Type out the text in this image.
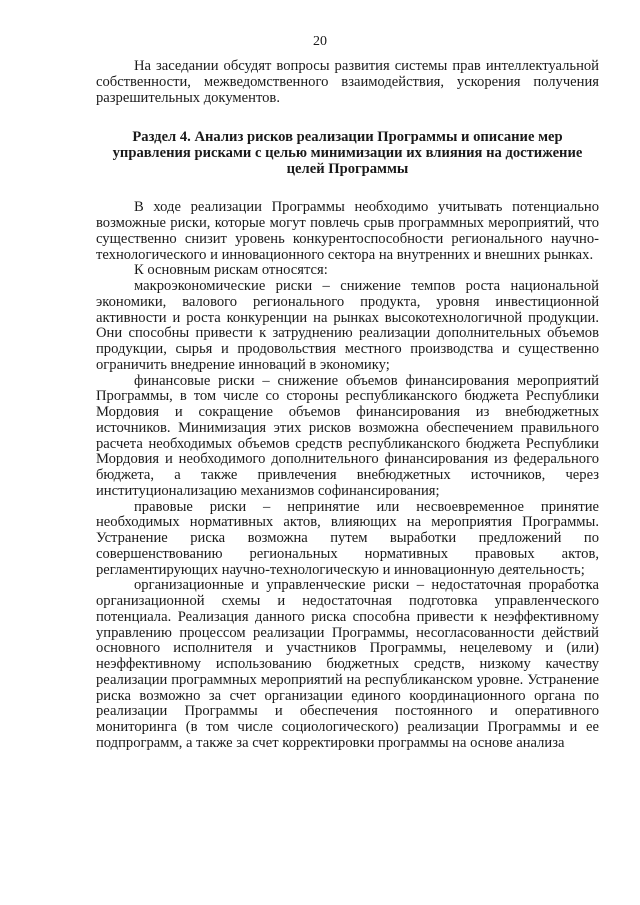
20

На заседании обсудят вопросы развития системы прав интеллектуальной собственности, межведомственного взаимодействия, ускорения получения разрешительных документов.

Раздел 4. Анализ рисков реализации Программы и описание мер управления рисками с целью минимизации их влияния на достижение целей Программы

В ходе реализации Программы необходимо учитывать потенциально возможные риски, которые могут повлечь срыв программных мероприятий, что существенно снизит уровень конкурентоспособности регионального научно-технологического и инновационного сектора на внутренних и внешних рынках.

К основным рискам относятся:

макроэкономические риски – снижение темпов роста национальной экономики, валового регионального продукта, уровня инвестиционной активности и роста конкуренции на рынках высокотехнологичной продукции. Они способны привести к затруднению реализации дополнительных объемов продукции, сырья и продовольствия местного производства и существенно ограничить внедрение инноваций в экономику;

финансовые риски – снижение объемов финансирования мероприятий Программы, в том числе со стороны республиканского бюджета Республики Мордовия и сокращение объемов финансирования из внебюджетных источников. Минимизация этих рисков возможна обеспечением правильного расчета необходимых объемов средств республиканского бюджета Республики Мордовия и необходимого дополнительного финансирования из федерального бюджета, а также привлечения внебюджетных источников, через институционализацию механизмов софинансирования;

правовые риски – непринятие или несвоевременное принятие необходимых нормативных актов, влияющих на мероприятия Программы. Устранение риска возможна путем выработки предложений по совершенствованию региональных нормативных правовых актов, регламентирующих научно-технологическую и инновационную деятельность;

организационные и управленческие риски – недостаточная проработка организационной схемы и недостаточная подготовка управленческого потенциала. Реализация данного риска способна привести к неэффективному управлению процессом реализации Программы, несогласованности действий основного исполнителя и участников Программы, нецелевому и (или) неэффективному использованию бюджетных средств, низкому качеству реализации программных мероприятий на республиканском уровне. Устранение риска возможно за счет организации единого координационного органа по реализации Программы и обеспечения постоянного и оперативного мониторинга (в том числе социологического) реализации Программы и ее подпрограмм, а также за счет корректировки программы на основе анализа
